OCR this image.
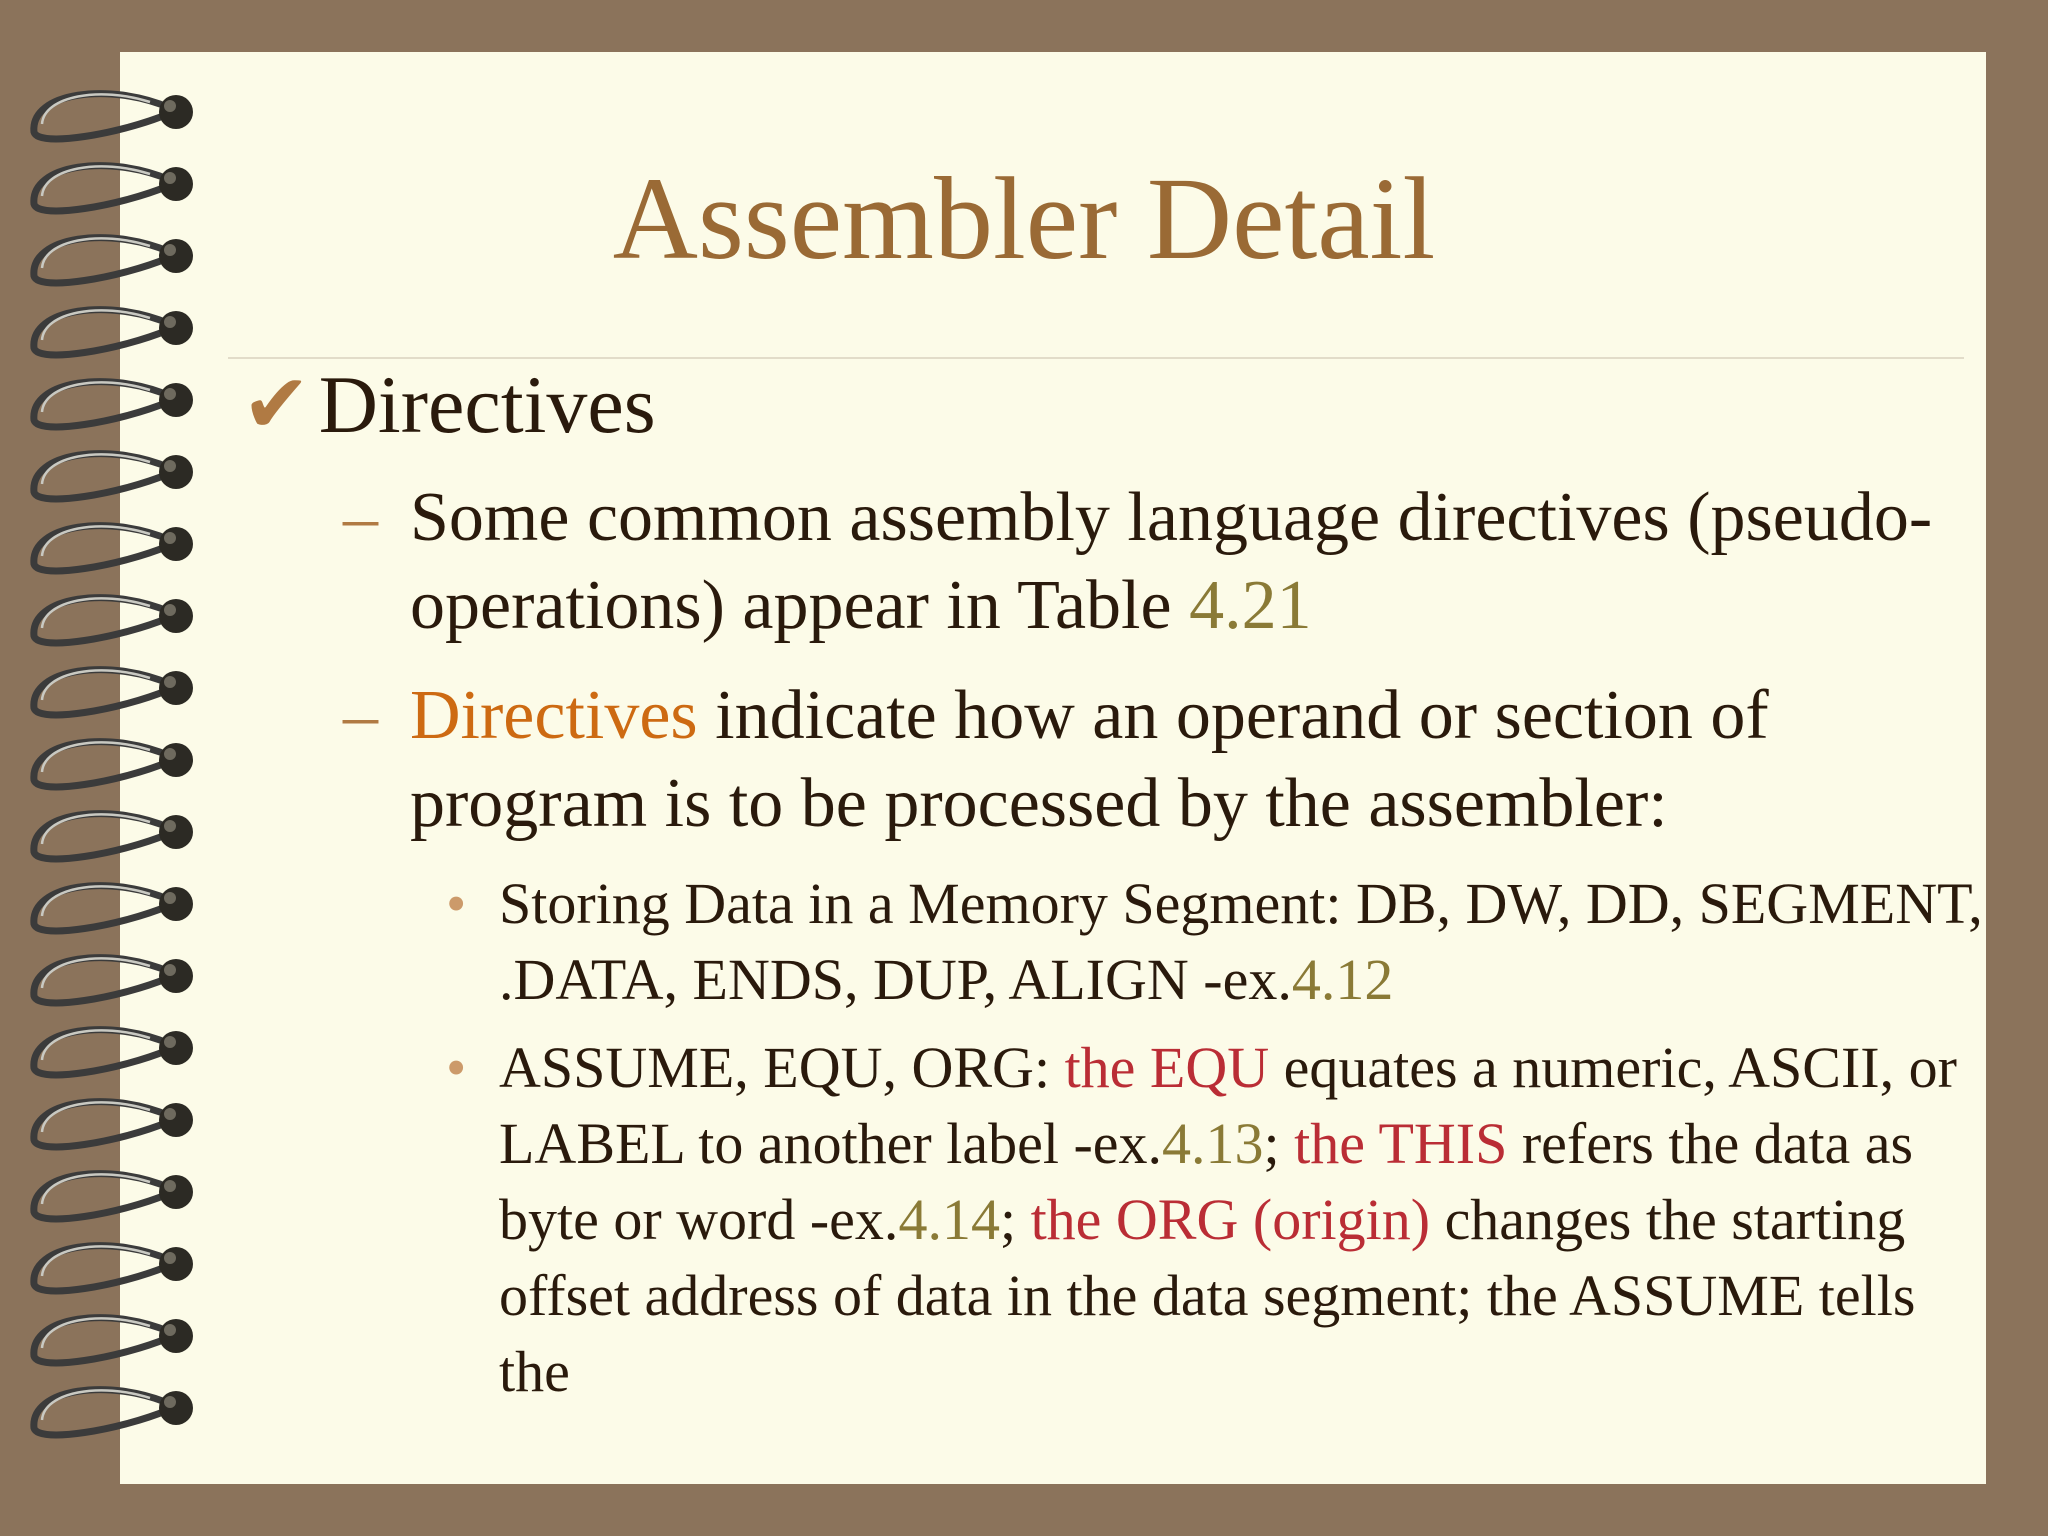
Assembler Detail
✔Directives
– Some common assembly language directives (pseudo-operations) appear in Table 4.21
– Directives indicate how an operand or section of program is to be processed by the assembler:
• Storing Data in a Memory Segment: DB, DW, DD, SEGMENT, .DATA, ENDS, DUP, ALIGN -ex.4.12
• ASSUME, EQU, ORG: the EQU equates a numeric, ASCII, or LABEL to another label -ex.4.13; the THIS refers the data as byte or word -ex.4.14; the ORG (origin) changes the starting offset address of data in the data segment; the ASSUME tells the
